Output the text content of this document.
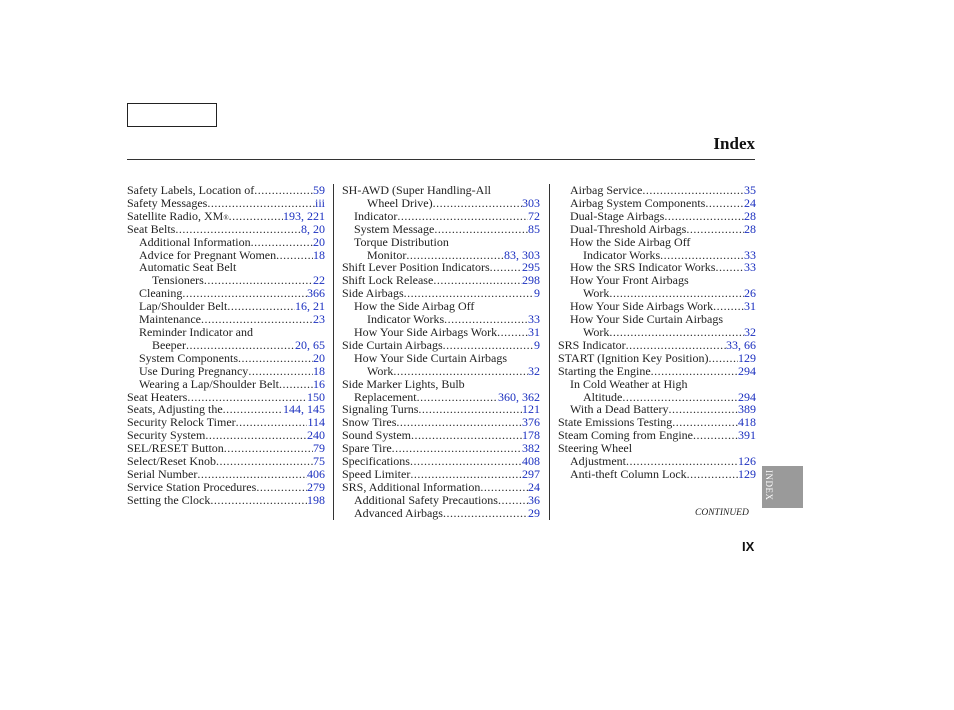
Index
Safety Labels, Location of .....	59
Safety Messages .....	iii
Satellite Radio, XM ® .....	193, 221
Seat Belts .....	8, 20
Additional Information .....	20
Advice for Pregnant Women .....	18
Automatic Seat Belt
Tensioners .....	22
Cleaning .....	366
Lap/Shoulder Belt .....	16, 21
Maintenance .....	23
Reminder Indicator and
Beeper .....	20, 65
System Components .....	20
Use During Pregnancy .....	18
Wearing a Lap/Shoulder Belt .....	16
Seat Heaters .....	150
Seats, Adjusting the .....	144, 145
Security Relock Timer .....	114
Security System .....	240
SEL/RESET Button .....	79
Select/Reset Knob .....	75
Serial Number .....	406
Service Station Procedures .....	279
Setting the Clock .....	198
SH-AWD (Super Handling-All
Wheel Drive) .....	303
Indicator .....	72
System Message .....	85
Torque Distribution
Monitor .....	83, 303
Shift Lever Position Indicators .....	295
Shift Lock Release .....	298
Side Airbags .....	9
How the Side Airbag Off
Indicator Works .....	33
How Your Side Airbags Work .....	31
Side Curtain Airbags .....	9
How Your Side Curtain Airbags
Work .....	32
Side Marker Lights, Bulb
Replacement .....	360, 362
Signaling Turns .....	121
Snow Tires .....	376
Sound System .....	178
Spare Tire .....	382
Specifications .....	408
Speed Limiter .....	297
SRS, Additional Information .....	24
Additional Safety Precautions .....	36
Advanced Airbags .....	29
Airbag Service .....	35
Airbag System Components .....	24
Dual-Stage Airbags .....	28
Dual-Threshold Airbags .....	28
How the Side Airbag Off
Indicator Works .....	33
How the SRS Indicator Works ..... 33
How Your Front Airbags
Work .....	26
How Your Side Airbags Work .....	31
How Your Side Curtain Airbags
Work .....	32
SRS Indicator .....	33, 66
START (Ignition Key Position) ..... 129
Starting the Engine .....	294
In Cold Weather at High
Altitude .....	294
With a Dead Battery .....	389
State Emissions Testing .....	418
Steam Coming from Engine .....	391
Steering Wheel
Adjustment .....	126
Anti-theft Column Lock .....	129
CONTINUED
IX
INDEX
